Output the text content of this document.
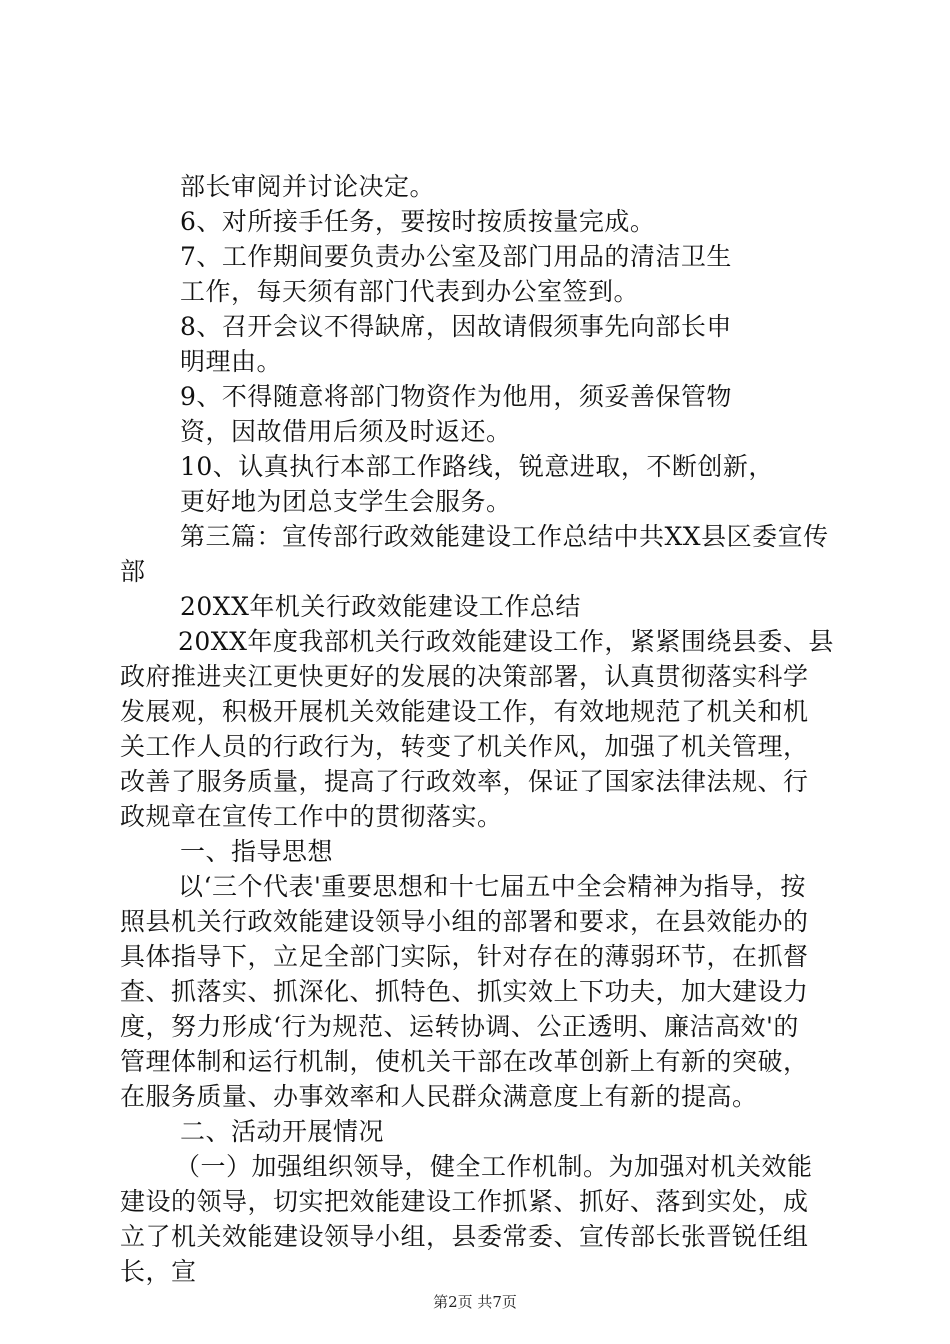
部长审阅并讨论决定。
6、对所接手任务，要按时按质按量完成。
7、工作期间要负责办公室及部门用品的清洁卫生
工作，每天须有部门代表到办公室签到。
8、召开会议不得缺席，因故请假须事先向部长申
明理由。
9、不得随意将部门物资作为他用，须妥善保管物
资，因故借用后须及时返还。
10、认真执行本部工作路线，锐意进取，不断创新，
更好地为团总支学生会服务。
第三篇：宣传部行政效能建设工作总结中共XX县区委宣传
部
20XX年机关行政效能建设工作总结
20XX年度我部机关行政效能建设工作，紧紧围绕县委、县
政府推进夹江更快更好的发展的决策部署，认真贯彻落实科学
发展观，积极开展机关效能建设工作，有效地规范了机关和机
关工作人员的行政行为，转变了机关作风，加强了机关管理，
改善了服务质量，提高了行政效率，保证了国家法律法规、行
政规章在宣传工作中的贯彻落实。
一、指导思想
以‘三个代表'重要思想和十七届五中全会精神为指导，按
照县机关行政效能建设领导小组的部署和要求，在县效能办的
具体指导下，立足全部门实际，针对存在的薄弱环节，在抓督
查、抓落实、抓深化、抓特色、抓实效上下功夫，加大建设力
度，努力形成‘行为规范、运转协调、公正透明、廉洁高效'的
管理体制和运行机制，使机关干部在改革创新上有新的突破，
在服务质量、办事效率和人民群众满意度上有新的提高。
二、活动开展情况
（一）加强组织领导，健全工作机制。为加强对机关效能
建设的领导，切实把效能建设工作抓紧、抓好、落到实处，成
立了机关效能建设领导小组，县委常委、宣传部长张晋锐任组
长，宣
第2页 共7页
